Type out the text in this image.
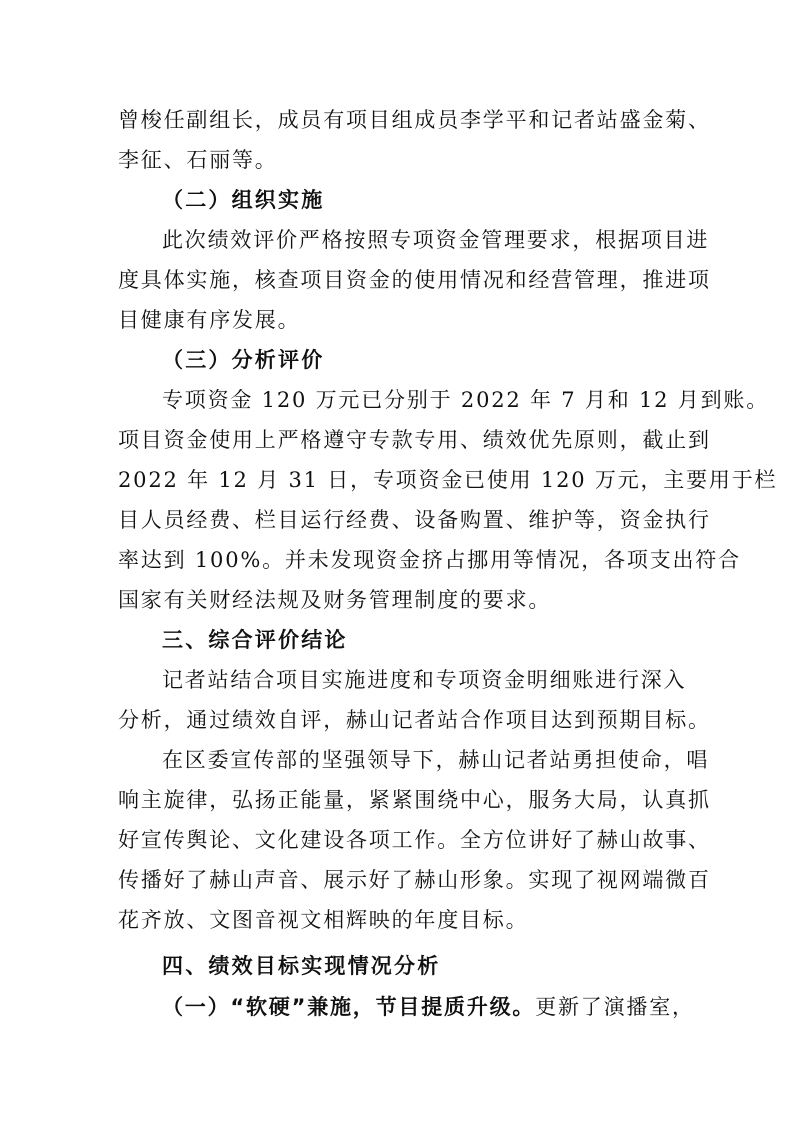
曾梭任副组长，成员有项目组成员李学平和记者站盛金菊、
李征、石丽等。
（二）组织实施
此次绩效评价严格按照专项资金管理要求，根据项目进
度具体实施，核查项目资金的使用情况和经营管理，推进项
目健康有序发展。
（三）分析评价
专项资金 120 万元已分别于 2022 年 7 月和 12 月到账。
项目资金使用上严格遵守专款专用、绩效优先原则，截止到
2022 年 12 月 31 日，专项资金已使用 120 万元，主要用于栏
目人员经费、栏目运行经费、设备购置、维护等，资金执行
率达到 100%。并未发现资金挤占挪用等情况，各项支出符合
国家有关财经法规及财务管理制度的要求。
三、综合评价结论
记者站结合项目实施进度和专项资金明细账进行深入
分析，通过绩效自评，赫山记者站合作项目达到预期目标。
在区委宣传部的坚强领导下，赫山记者站勇担使命，唱
响主旋律，弘扬正能量，紧紧围绕中心，服务大局，认真抓
好宣传舆论、文化建设各项工作。全方位讲好了赫山故事、
传播好了赫山声音、展示好了赫山形象。实现了视网端微百
花齐放、文图音视文相辉映的年度目标。
四、绩效目标实现情况分析
（一）“软硬”兼施，节目提质升级。更新了演播室，
